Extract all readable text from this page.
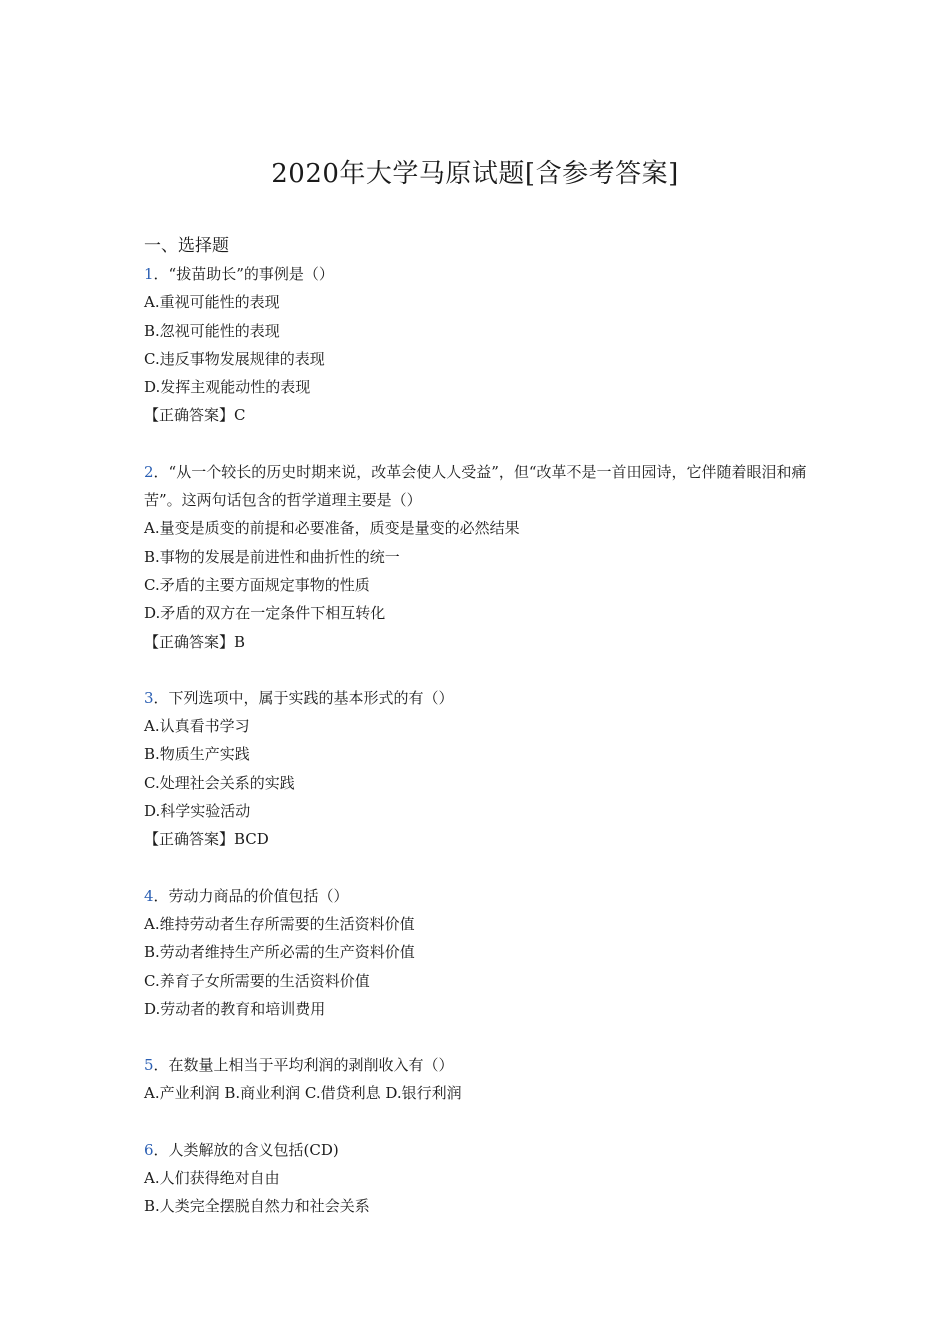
2020年大学马原试题[含参考答案]
一、选择题
1．“拔苗助长”的事例是（）
A.重视可能性的表现
B.忽视可能性的表现
C.违反事物发展规律的表现
D.发挥主观能动性的表现
【正确答案】C
2．“从一个较长的历史时期来说，改革会使人人受益”，但“改革不是一首田园诗，它伴随着眼泪和痛苦”。这两句话包含的哲学道理主要是（）
A.量变是质变的前提和必要准备，质变是量变的必然结果
B.事物的发展是前进性和曲折性的统一
C.矛盾的主要方面规定事物的性质
D.矛盾的双方在一定条件下相互转化
【正确答案】B
3．下列选项中，属于实践的基本形式的有（）
A.认真看书学习
B.物质生产实践
C.处理社会关系的实践
D.科学实验活动
【正确答案】BCD
4．劳动力商品的价值包括（）
A.维持劳动者生存所需要的生活资料价值
B.劳动者维持生产所必需的生产资料价值
C.养育子女所需要的生活资料价值
D.劳动者的教育和培训费用
5．在数量上相当于平均利润的剥削收入有（）
A.产业利润 B.商业利润 C.借贷利息 D.银行利润
6．人类解放的含义包括(CD)
A.人们获得绝对自由
B.人类完全摆脱自然力和社会关系
